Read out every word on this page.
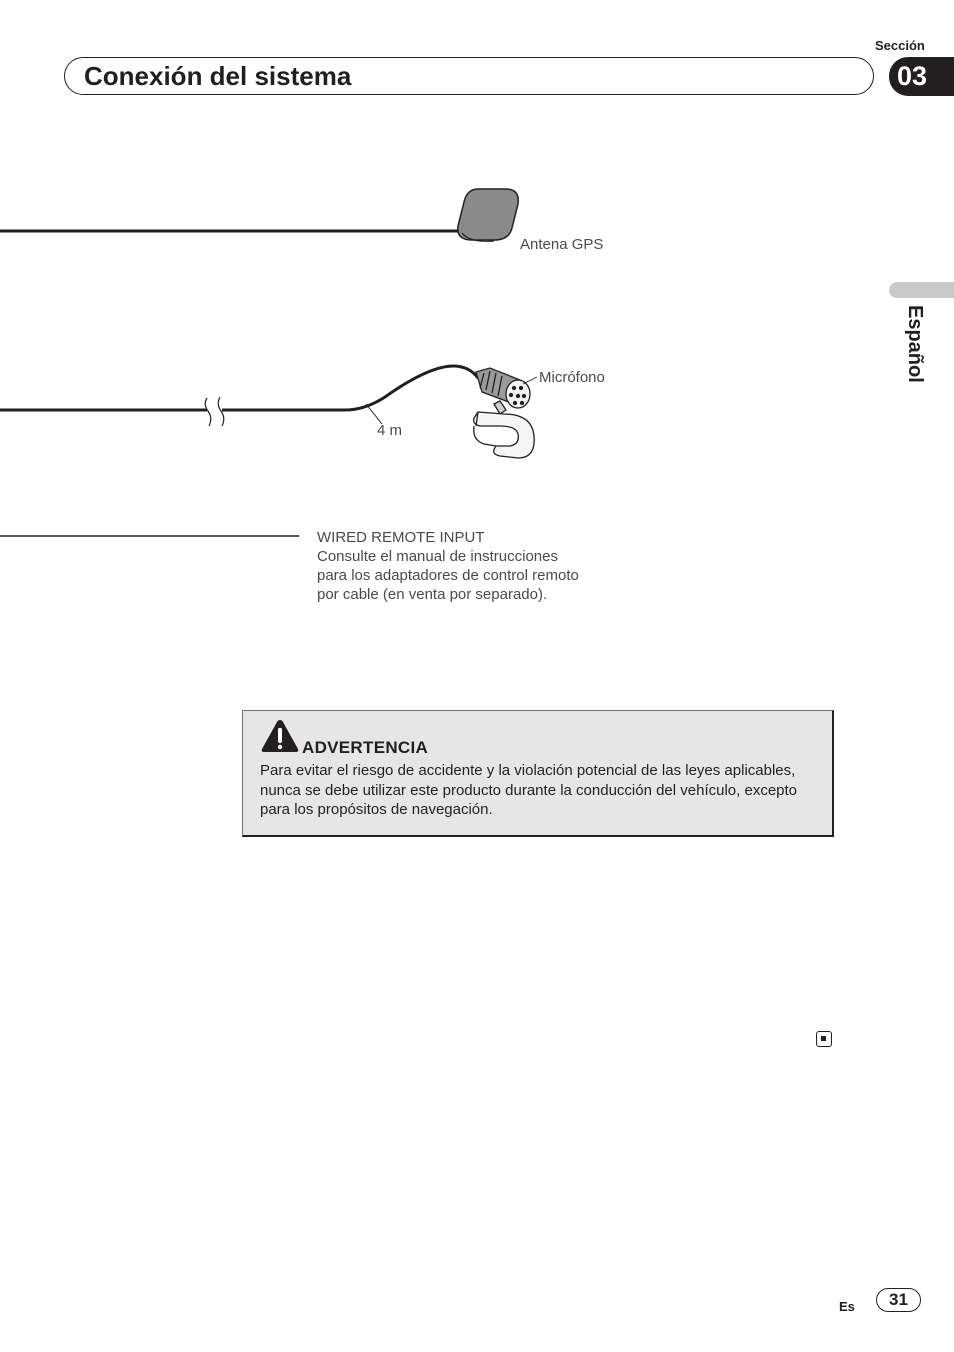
Sección
Conexión del sistema	03
Español
Antena GPS
Micrófono
4 m
WIRED REMOTE INPUT
Consulte el manual de instrucciones
para los adaptadores de control remoto
por cable (en venta por separado).
ADVERTENCIA
Para evitar el riesgo de accidente y la violación potencial de las leyes aplicables, nunca se debe utilizar este producto durante la conducción del vehículo, excepto para los propósitos de navegación.
Es	31
